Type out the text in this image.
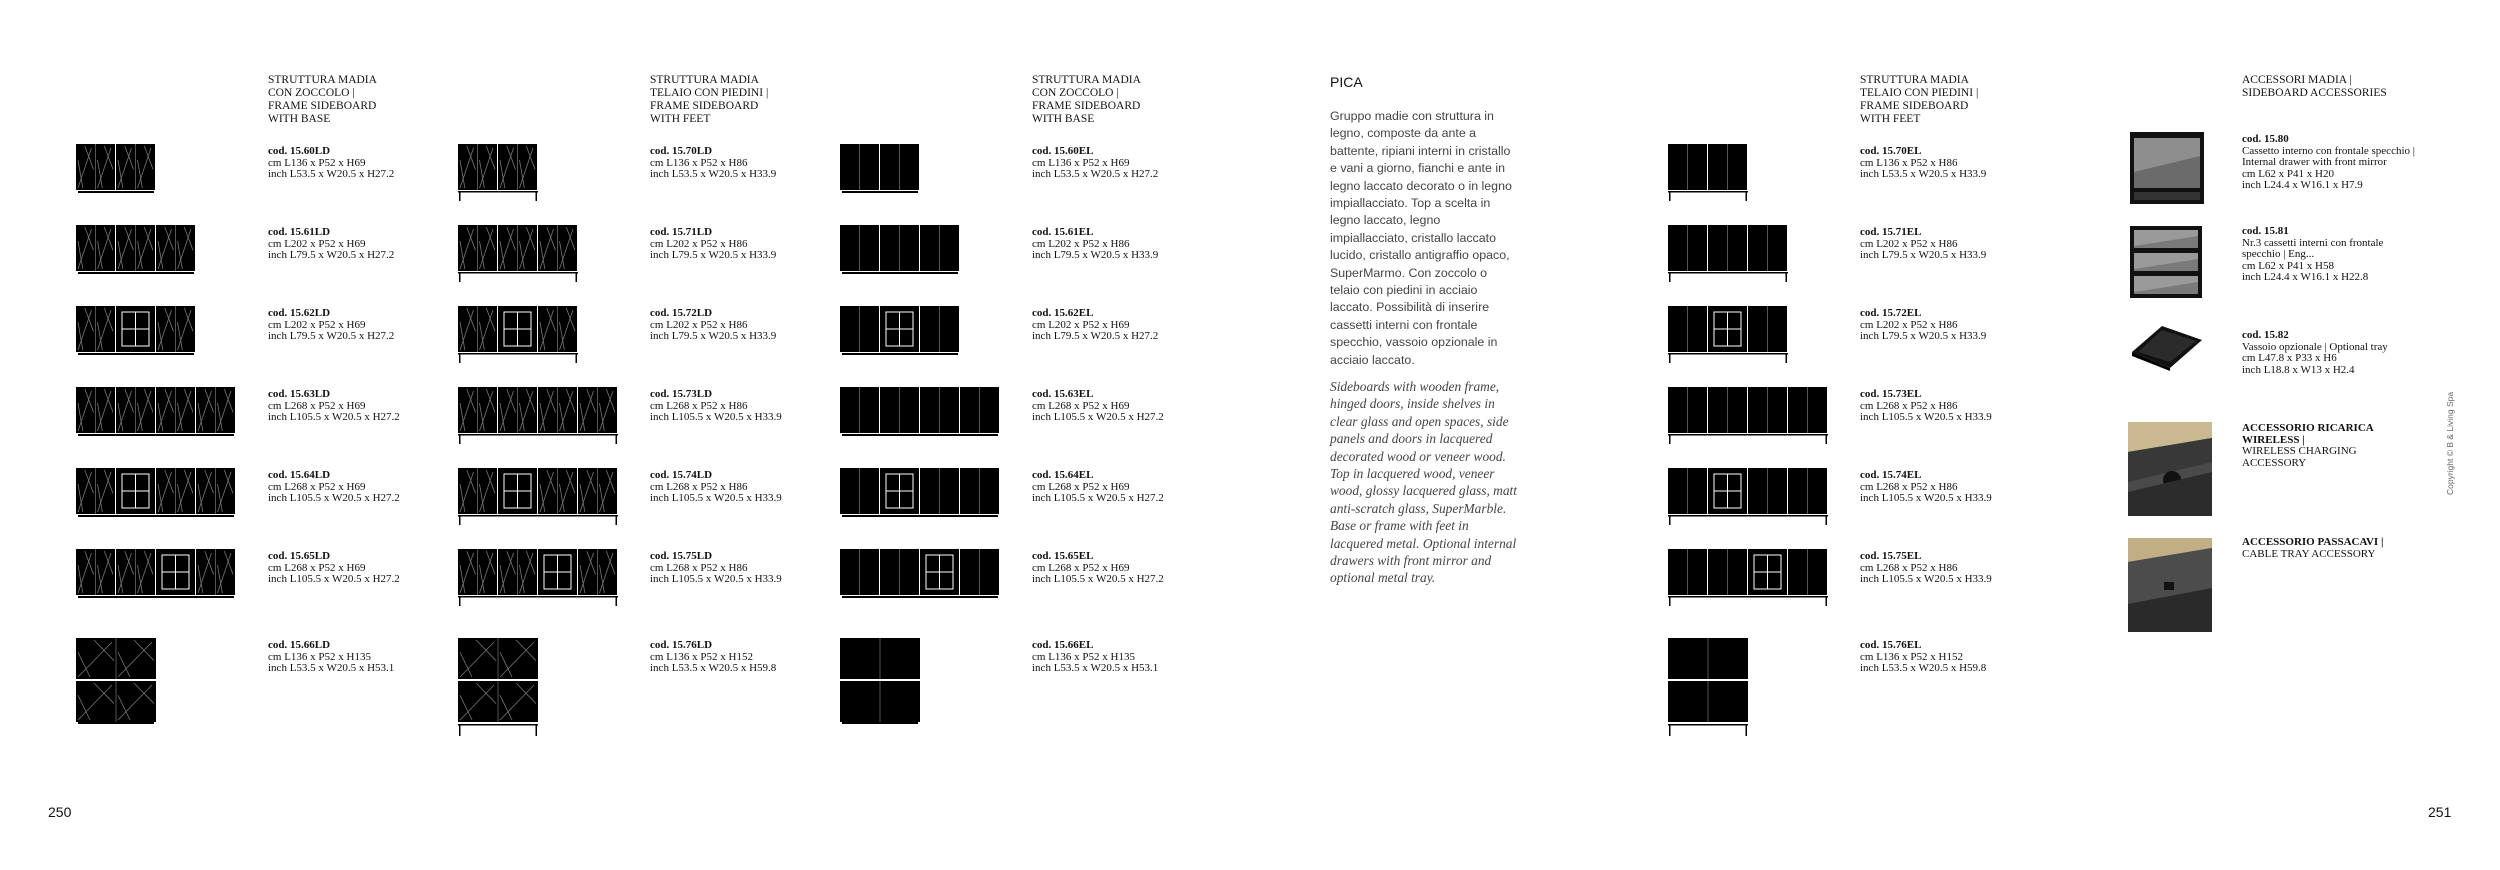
250	251
Copyright © B & Living Spa
STRUTTURA MADIA
CON ZOCCOLO |
FRAME SIDEBOARD
WITH BASE
STRUTTURA MADIA
TELAIO CON PIEDINI |
FRAME SIDEBOARD
WITH FEET
STRUTTURA MADIA
CON ZOCCOLO |
FRAME SIDEBOARD
WITH BASE
STRUTTURA MADIA
TELAIO CON PIEDINI |
FRAME SIDEBOARD
WITH FEET
ACCESSORI MADIA |
SIDEBOARD ACCESSORIES
cod. 15.60LD
cm L136 x P52 x H69
inch L53.5 x W20.5 x H27.2
cod. 15.61LD
cm L202 x P52 x H69
inch L79.5 x W20.5 x H27.2
cod. 15.62LD
cm L202 x P52 x H69
inch L79.5 x W20.5 x H27.2
cod. 15.63LD
cm L268 x P52 x H69
inch L105.5 x W20.5 x H27.2
cod. 15.64LD
cm L268 x P52 x H69
inch L105.5 x W20.5 x H27.2
cod. 15.65LD
cm L268 x P52 x H69
inch L105.5 x W20.5 x H27.2
cod. 15.66LD
cm L136 x P52 x H135
inch L53.5 x W20.5 x H53.1
cod. 15.70LD
cm L136 x P52 x H86
inch L53.5 x W20.5 x H33.9
cod. 15.71LD
cm L202 x P52 x H86
inch L79.5 x W20.5 x H33.9
cod. 15.72LD
cm L202 x P52 x H86
inch L79.5 x W20.5 x H33.9
cod. 15.73LD
cm L268 x P52 x H86
inch L105.5 x W20.5 x H33.9
cod. 15.74LD
cm L268 x P52 x H86
inch L105.5 x W20.5 x H33.9
cod. 15.75LD
cm L268 x P52 x H86
inch L105.5 x W20.5 x H33.9
cod. 15.76LD
cm L136 x P52 x H152
inch L53.5 x W20.5 x H59.8
cod. 15.60EL
cm L136 x P52 x H69
inch L53.5 x W20.5 x H27.2
cod. 15.61EL
cm L202 x P52 x H86
inch L79.5 x W20.5 x H33.9
cod. 15.62EL
cm L202 x P52 x H69
inch L79.5 x W20.5 x H27.2
cod. 15.63EL
cm L268 x P52 x H69
inch L105.5 x W20.5 x H27.2
cod. 15.64EL
cm L268 x P52 x H69
inch L105.5 x W20.5 x H27.2
cod. 15.65EL
cm L268 x P52 x H69
inch L105.5 x W20.5 x H27.2
cod. 15.66EL
cm L136 x P52 x H135
inch L53.5 x W20.5 x H53.1
cod. 15.70EL
cm L136 x P52 x H86
inch L53.5 x W20.5 x H33.9
cod. 15.71EL
cm L202 x P52 x H86
inch L79.5 x W20.5 x H33.9
cod. 15.72EL
cm L202 x P52 x H86
inch L79.5 x W20.5 x H33.9
cod. 15.73EL
cm L268 x P52 x H86
inch L105.5 x W20.5 x H33.9
cod. 15.74EL
cm L268 x P52 x H86
inch L105.5 x W20.5 x H33.9
cod. 15.75EL
cm L268 x P52 x H86
inch L105.5 x W20.5 x H33.9
cod. 15.76EL
cm L136 x P52 x H152
inch L53.5 x W20.5 x H59.8
PICA
Gruppo madie con struttura in legno, composte da ante a battente, ripiani interni in cristallo e vani a giorno, fianchi e ante in legno laccato decorato o in legno impiallacciato. Top a scelta in legno laccato, legno impiallacciato, cristallo laccato lucido, cristallo antigraffio opaco, SuperMarmo. Con zoccolo o telaio con piedini in acciaio laccato. Possibilità di inserire cassetti interni con frontale specchio, vassoio opzionale in acciaio laccato.
Sideboards with wooden frame, hinged doors, inside shelves in clear glass and open spaces, side panels and doors in lacquered decorated wood or veneer wood. Top in lacquered wood, veneer wood, glossy lacquered glass, matt anti-scratch glass, SuperMarble. Base or frame with feet in lacquered metal. Optional internal drawers with front mirror and optional metal tray.
cod. 15.80
Cassetto interno con frontale specchio |
Internal drawer with front mirror
cm L62 x P41 x H20
inch L24.4 x W16.1 x H7.9
cod. 15.81
Nr.3 cassetti interni con frontale
specchio | Eng...
cm L62 x P41 x H58
inch L24.4 x W16.1 x H22.8
cod. 15.82
Vassoio opzionale | Optional tray
cm L47.8 x P33 x H6
inch L18.8 x W13 x H2.4
ACCESSORIO RICARICA
WIRELESS |
WIRELESS CHARGING
ACCESSORY
ACCESSORIO PASSACAVI |
CABLE TRAY ACCESSORY
